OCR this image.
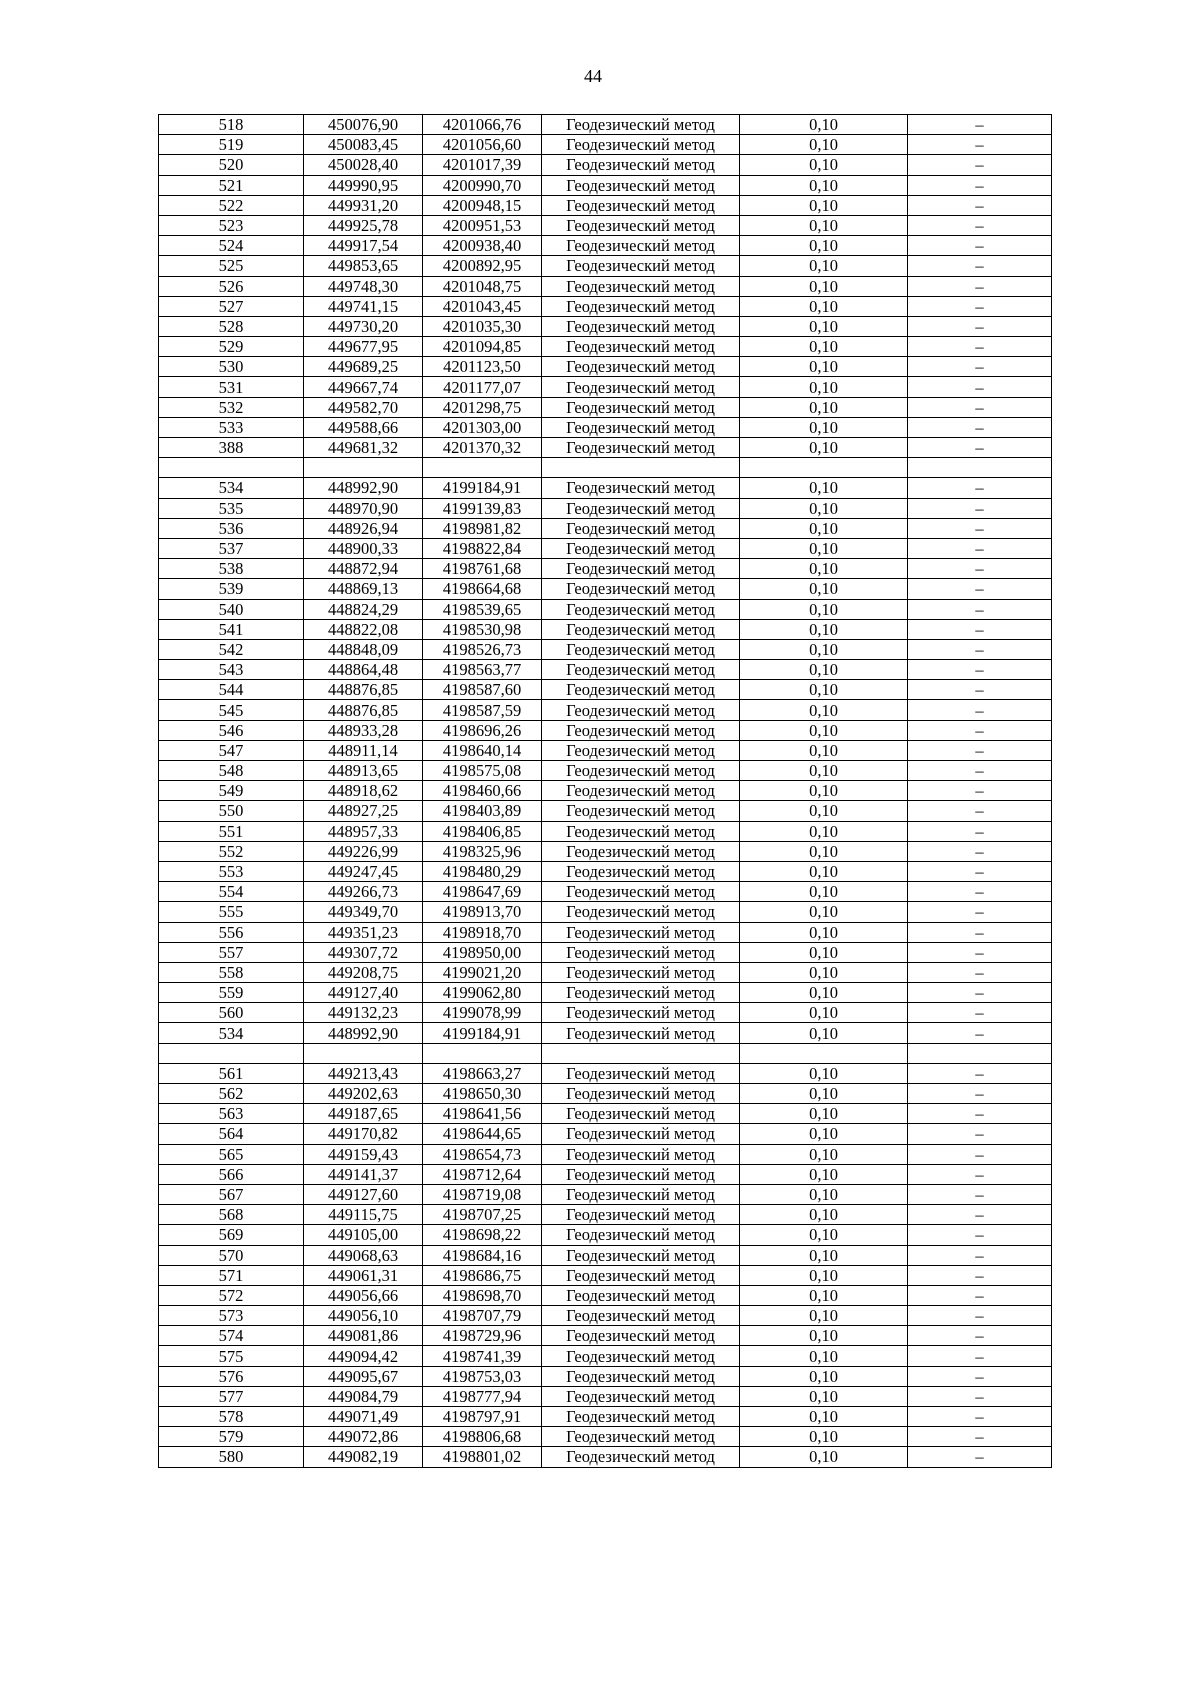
44
518	450076,90	4201066,76	Геодезический метод	0,10	–
519	450083,45	4201056,60	Геодезический метод	0,10	–
520	450028,40	4201017,39	Геодезический метод	0,10	–
521	449990,95	4200990,70	Геодезический метод	0,10	–
522	449931,20	4200948,15	Геодезический метод	0,10	–
523	449925,78	4200951,53	Геодезический метод	0,10	–
524	449917,54	4200938,40	Геодезический метод	0,10	–
525	449853,65	4200892,95	Геодезический метод	0,10	–
526	449748,30	4201048,75	Геодезический метод	0,10	–
527	449741,15	4201043,45	Геодезический метод	0,10	–
528	449730,20	4201035,30	Геодезический метод	0,10	–
529	449677,95	4201094,85	Геодезический метод	0,10	–
530	449689,25	4201123,50	Геодезический метод	0,10	–
531	449667,74	4201177,07	Геодезический метод	0,10	–
532	449582,70	4201298,75	Геодезический метод	0,10	–
533	449588,66	4201303,00	Геодезический метод	0,10	–
388	449681,32	4201370,32	Геодезический метод	0,10	–

534	448992,90	4199184,91	Геодезический метод	0,10	–
535	448970,90	4199139,83	Геодезический метод	0,10	–
536	448926,94	4198981,82	Геодезический метод	0,10	–
537	448900,33	4198822,84	Геодезический метод	0,10	–
538	448872,94	4198761,68	Геодезический метод	0,10	–
539	448869,13	4198664,68	Геодезический метод	0,10	–
540	448824,29	4198539,65	Геодезический метод	0,10	–
541	448822,08	4198530,98	Геодезический метод	0,10	–
542	448848,09	4198526,73	Геодезический метод	0,10	–
543	448864,48	4198563,77	Геодезический метод	0,10	–
544	448876,85	4198587,60	Геодезический метод	0,10	–
545	448876,85	4198587,59	Геодезический метод	0,10	–
546	448933,28	4198696,26	Геодезический метод	0,10	–
547	448911,14	4198640,14	Геодезический метод	0,10	–
548	448913,65	4198575,08	Геодезический метод	0,10	–
549	448918,62	4198460,66	Геодезический метод	0,10	–
550	448927,25	4198403,89	Геодезический метод	0,10	–
551	448957,33	4198406,85	Геодезический метод	0,10	–
552	449226,99	4198325,96	Геодезический метод	0,10	–
553	449247,45	4198480,29	Геодезический метод	0,10	–
554	449266,73	4198647,69	Геодезический метод	0,10	–
555	449349,70	4198913,70	Геодезический метод	0,10	–
556	449351,23	4198918,70	Геодезический метод	0,10	–
557	449307,72	4198950,00	Геодезический метод	0,10	–
558	449208,75	4199021,20	Геодезический метод	0,10	–
559	449127,40	4199062,80	Геодезический метод	0,10	–
560	449132,23	4199078,99	Геодезический метод	0,10	–
534	448992,90	4199184,91	Геодезический метод	0,10	–

561	449213,43	4198663,27	Геодезический метод	0,10	–
562	449202,63	4198650,30	Геодезический метод	0,10	–
563	449187,65	4198641,56	Геодезический метод	0,10	–
564	449170,82	4198644,65	Геодезический метод	0,10	–
565	449159,43	4198654,73	Геодезический метод	0,10	–
566	449141,37	4198712,64	Геодезический метод	0,10	–
567	449127,60	4198719,08	Геодезический метод	0,10	–
568	449115,75	4198707,25	Геодезический метод	0,10	–
569	449105,00	4198698,22	Геодезический метод	0,10	–
570	449068,63	4198684,16	Геодезический метод	0,10	–
571	449061,31	4198686,75	Геодезический метод	0,10	–
572	449056,66	4198698,70	Геодезический метод	0,10	–
573	449056,10	4198707,79	Геодезический метод	0,10	–
574	449081,86	4198729,96	Геодезический метод	0,10	–
575	449094,42	4198741,39	Геодезический метод	0,10	–
576	449095,67	4198753,03	Геодезический метод	0,10	–
577	449084,79	4198777,94	Геодезический метод	0,10	–
578	449071,49	4198797,91	Геодезический метод	0,10	–
579	449072,86	4198806,68	Геодезический метод	0,10	–
580	449082,19	4198801,02	Геодезический метод	0,10	–
